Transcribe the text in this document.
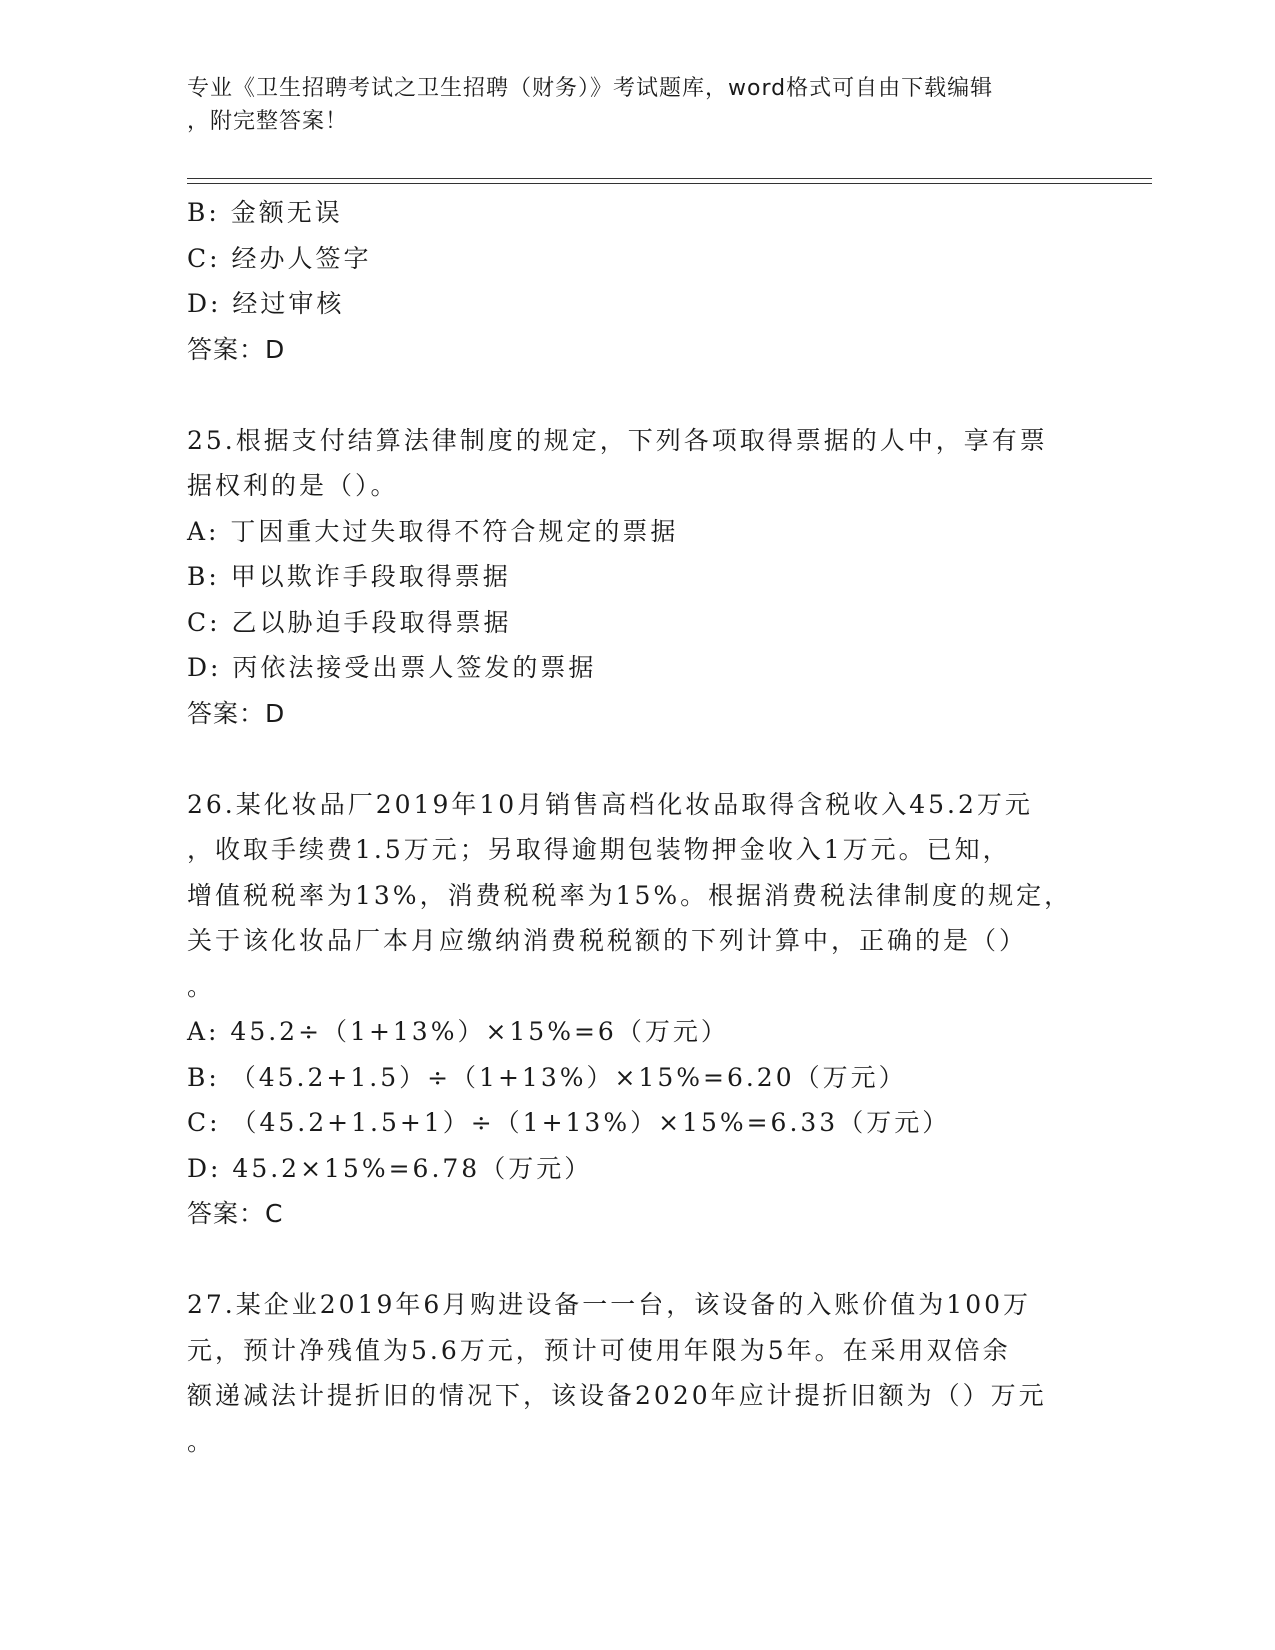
专业《卫生招聘考试之卫生招聘（财务）》考试题库，word格式可自由下载编辑
，附完整答案！
B: 金额无误
C: 经办人签字
D: 经过审核
答案：D
25.根据支付结算法律制度的规定，下列各项取得票据的人中，享有票
据权利的是（）。
A: 丁因重大过失取得不符合规定的票据
B: 甲以欺诈手段取得票据
C: 乙以胁迫手段取得票据
D: 丙依法接受出票人签发的票据
答案：D
26.某化妆品厂2019年10月销售高档化妆品取得含税收入45.2万元
，收取手续费1.5万元；另取得逾期包装物押金收入1万元。已知，
增值税税率为13%，消费税税率为15%。根据消费税法律制度的规定，
关于该化妆品厂本月应缴纳消费税税额的下列计算中，正确的是（）
。
A: 45.2÷（1+13%）×15%=6（万元）
B: （45.2+1.5）÷（1+13%）×15%=6.20（万元）
C: （45.2+1.5+1）÷（1+13%）×15%=6.33（万元）
D: 45.2×15%=6.78（万元）
答案：C
27.某企业2019年6月购进设备一一台，该设备的入账价值为100万
元，预计净残值为5.6万元，预计可使用年限为5年。在采用双倍余
额递减法计提折旧的情况下，该设备2020年应计提折旧额为（）万元
。
